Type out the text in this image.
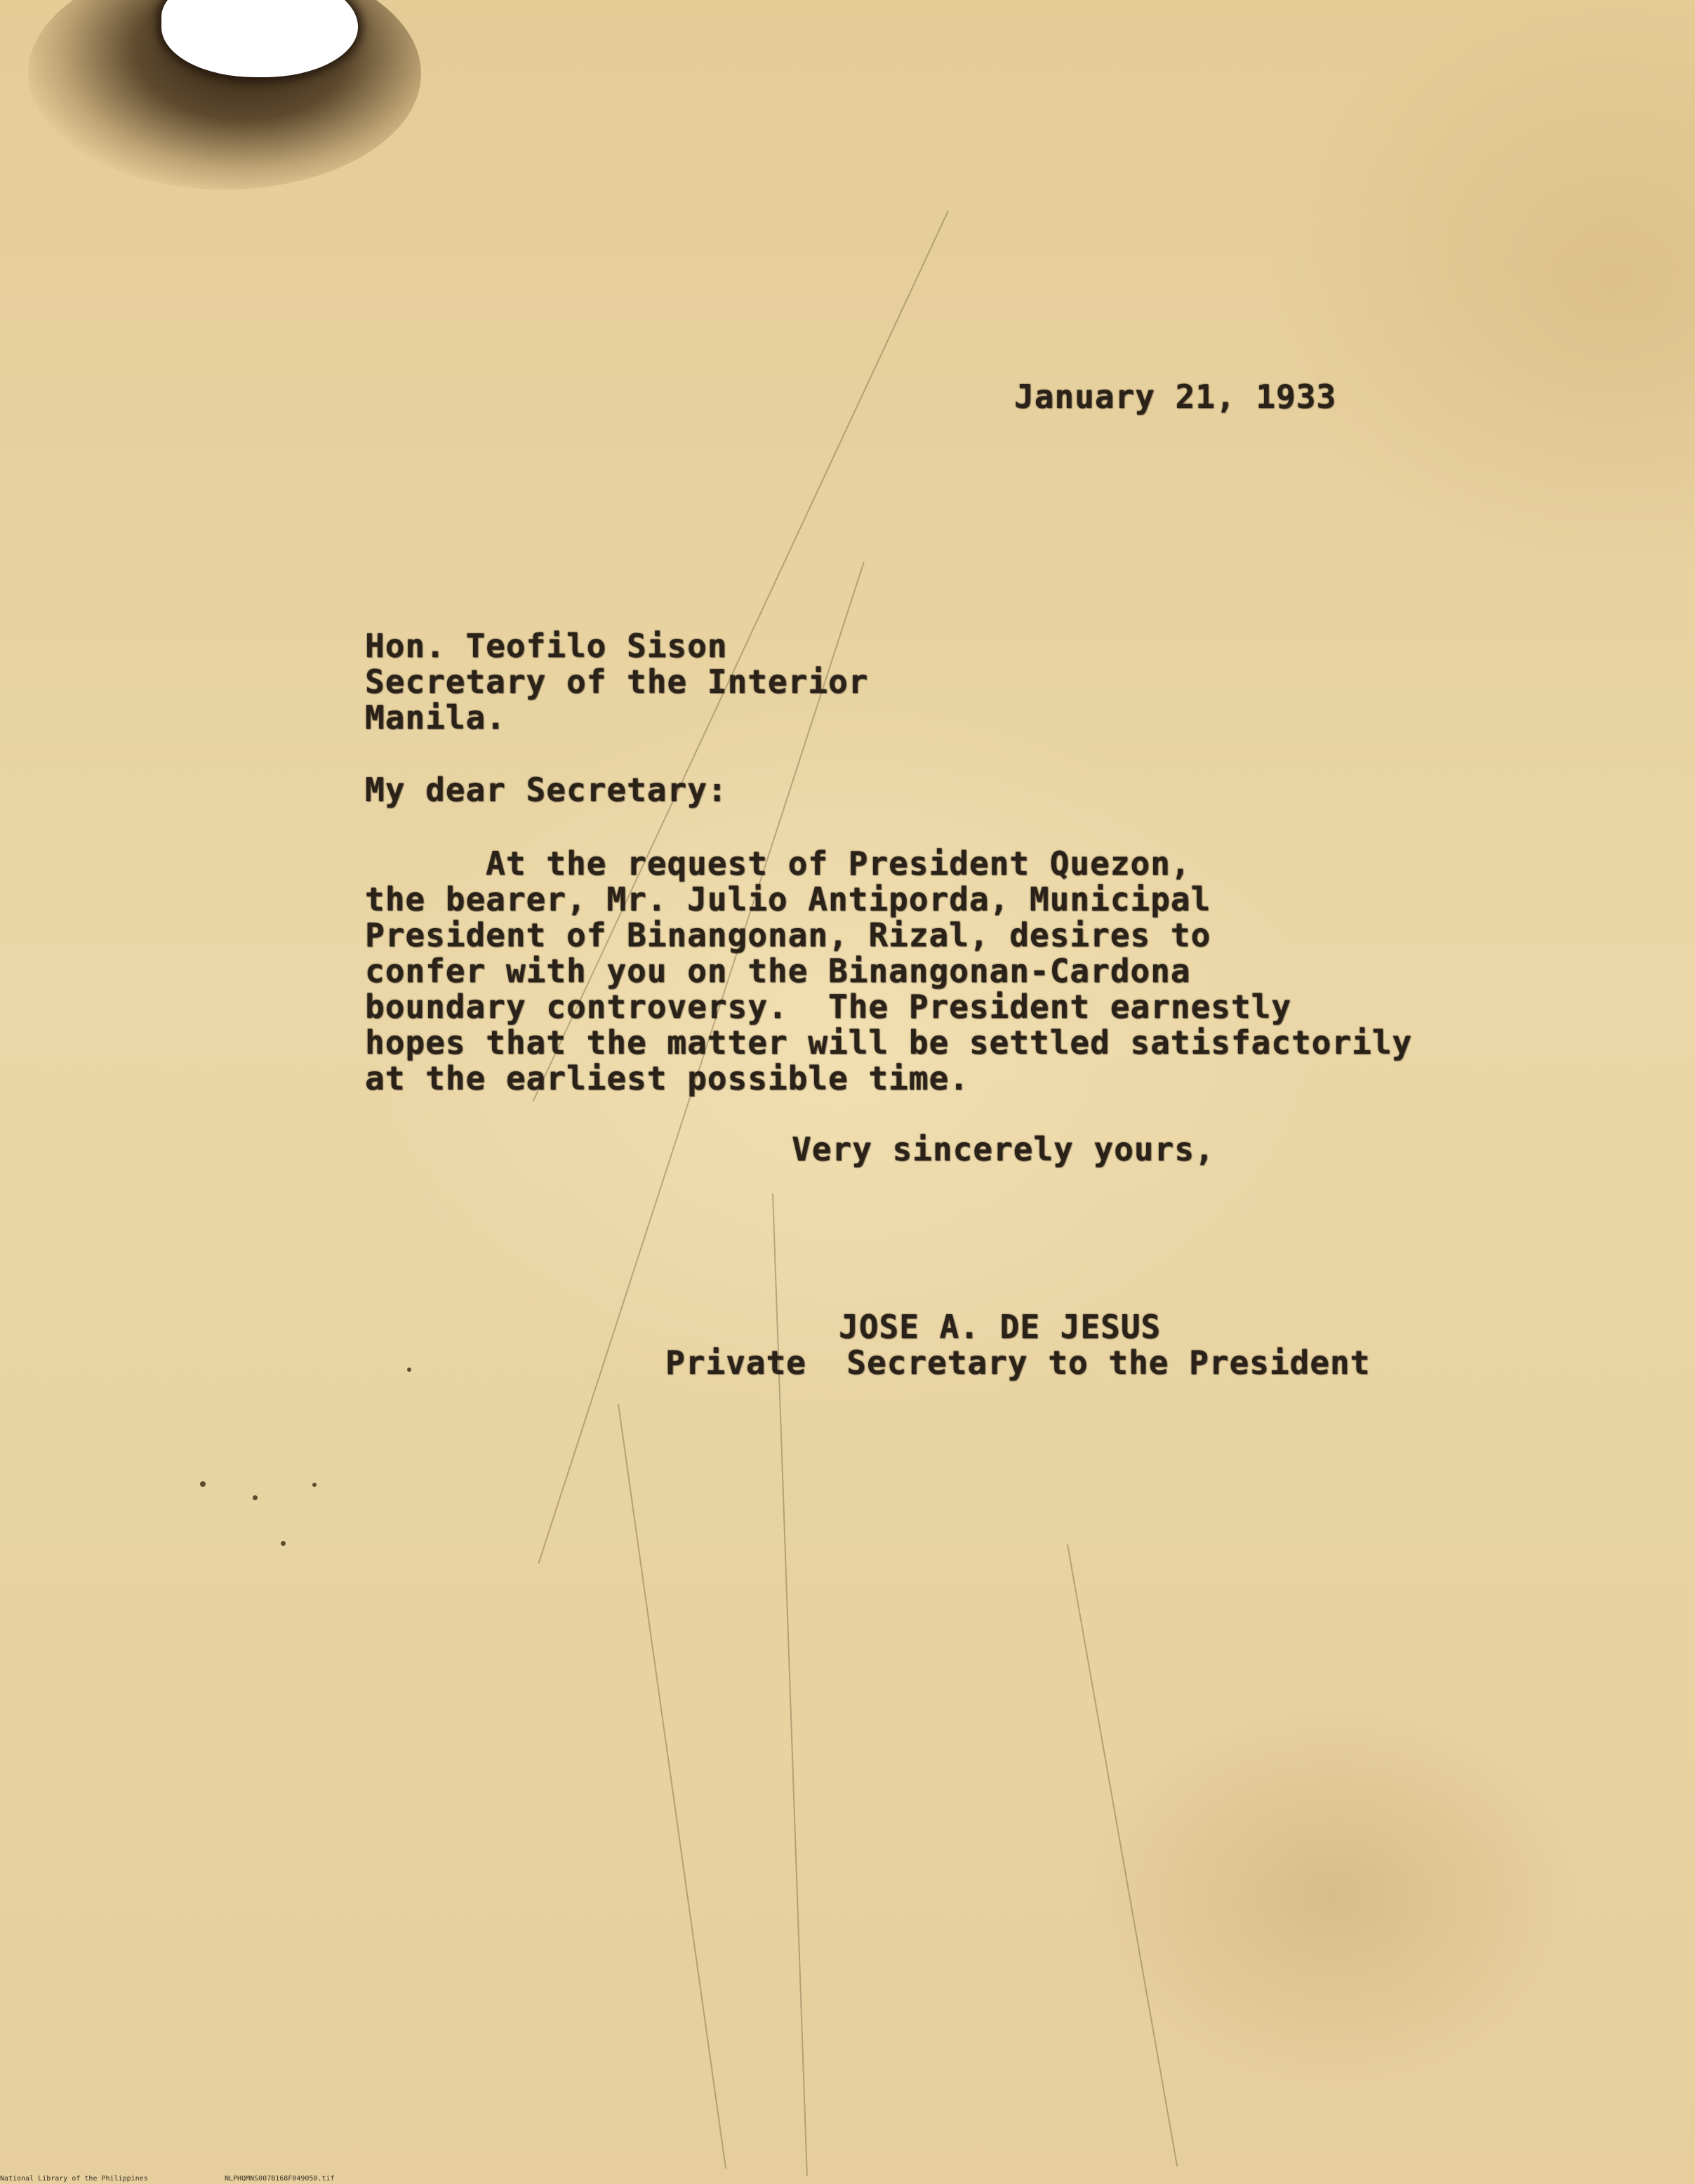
January 21, 1933

Hon. Teofilo Sison
Secretary of the Interior
Manila.

My dear Secretary:

At the request of President Quezon,
the bearer, Mr. Julio Antiporda, Municipal
President of Binangonan, Rizal, desires to
confer with you on the Binangonan-Cardona
boundary controversy.  The President earnestly
hopes that the matter will be settled satisfactorily
at the earliest possible time.

Very sincerely yours,

JOSE A. DE JESUS

Private  Secretary to the President

National Library of the Philippines	NLPHQMNS007B168F049050.tif
